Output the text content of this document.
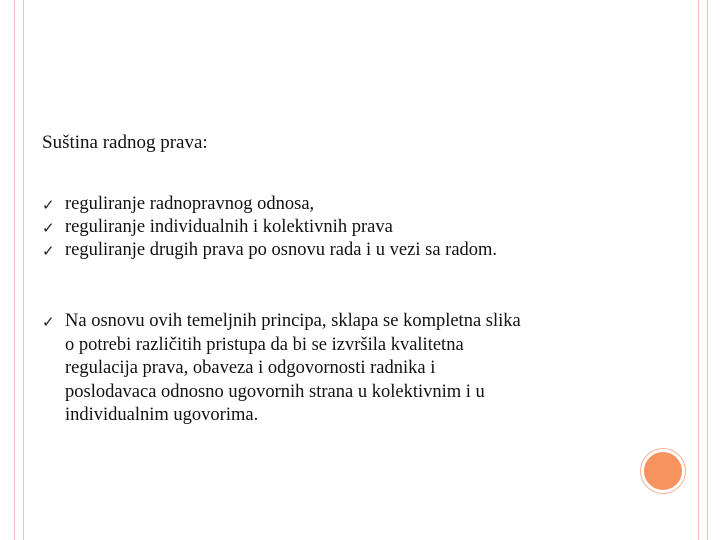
Suština radnog prava:
✓ reguliranje radnopravnog odnosa,
✓ reguliranje individualnih i kolektivnih prava
✓ reguliranje drugih prava po osnovu rada i u vezi sa radom.
✓ Na osnovu ovih temeljnih principa, sklapa se kompletna slika
o potrebi različitih pristupa da bi se izvršila kvalitetna
regulacija prava, obaveza i odgovornosti radnika i
poslodavaca odnosno ugovornih strana u kolektivnim i u
individualnim ugovorima.
